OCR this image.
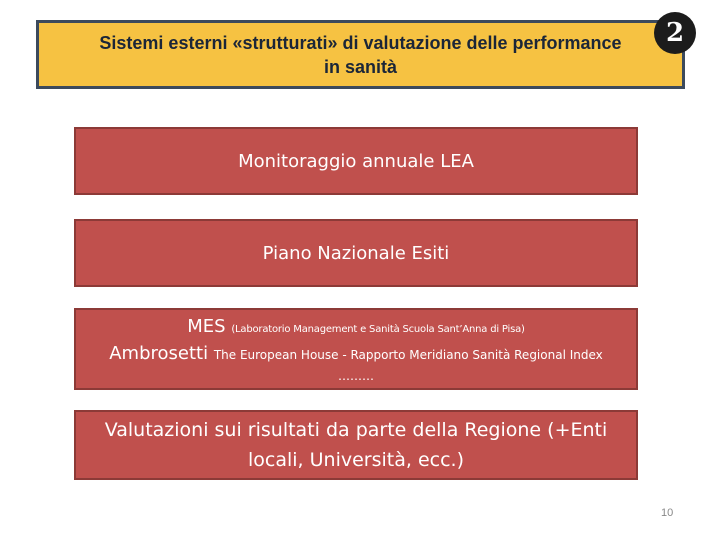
Sistemi esterni «strutturati» di valutazione delle performance
in sanità
2
Monitoraggio annuale LEA
Piano Nazionale Esiti
MES (Laboratorio Management e Sanità Scuola Sant’Anna di Pisa)
Ambrosetti The European House - Rapporto Meridiano Sanità Regional Index
………
Valutazioni sui risultati da parte della Regione (+Enti locali, Università, ecc.)
10
